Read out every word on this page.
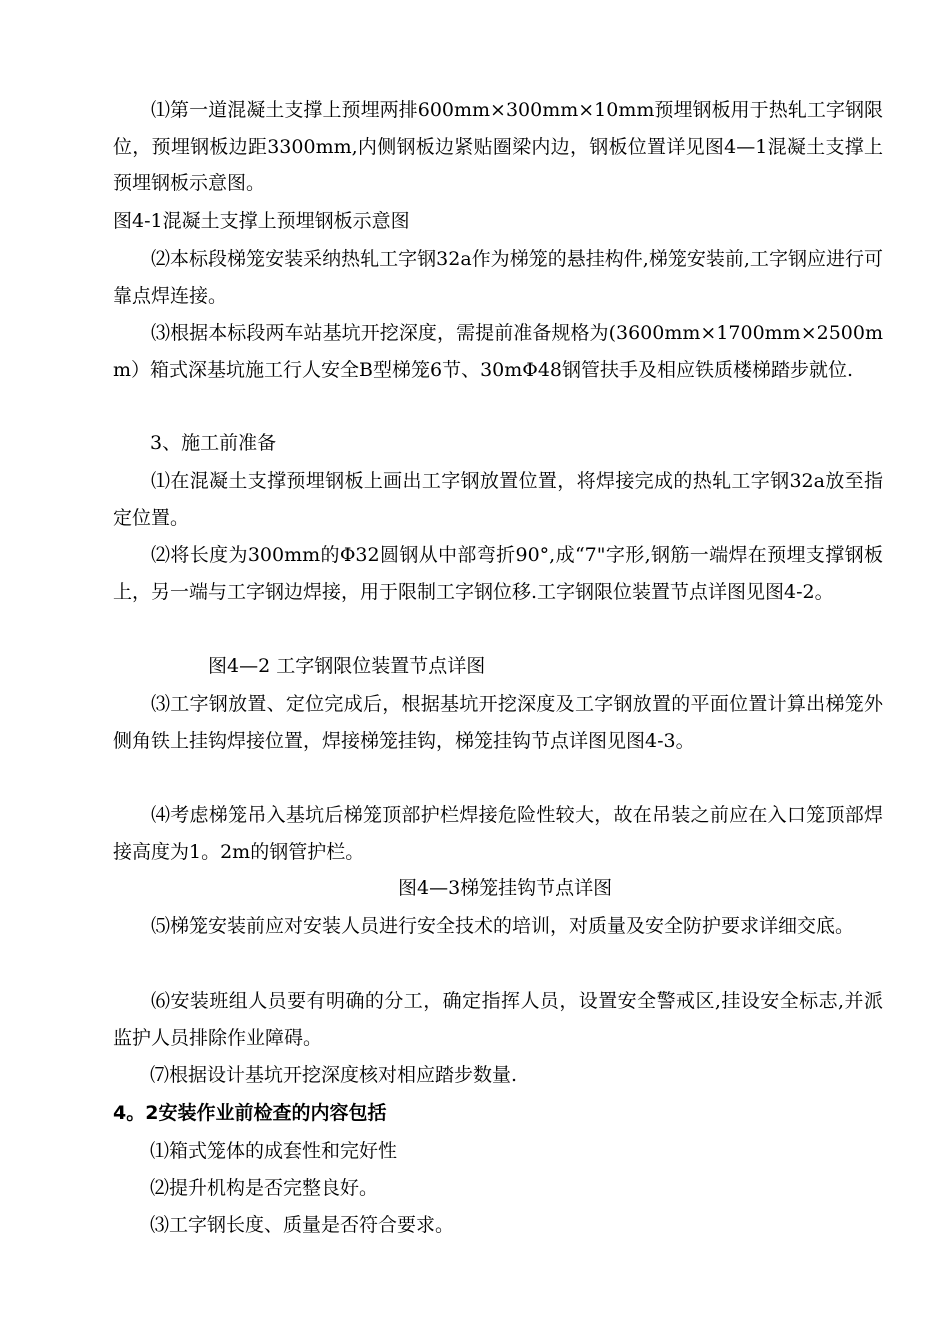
⑴第一道混凝土支撑上预埋两排600mm×300mm×10mm预埋钢板用于热轧工字钢限位，预埋钢板边距3300mm,内侧钢板边紧贴圈梁内边，钢板位置详见图4—1混凝土支撑上预埋钢板示意图。

图4-1混凝土支撑上预埋钢板示意图

⑵本标段梯笼安装采纳热轧工字钢32a作为梯笼的悬挂构件,梯笼安装前,工字钢应进行可靠点焊连接。

⑶根据本标段两车站基坑开挖深度，需提前准备规格为(3600mm×1700mm×2500mm）箱式深基坑施工行人安全B型梯笼6节、30mΦ48钢管扶手及相应铁质楼梯踏步就位.

3、施工前准备

⑴在混凝土支撑预埋钢板上画出工字钢放置位置，将焊接完成的热轧工字钢32a放至指定位置。

⑵将长度为300mm的Φ32圆钢从中部弯折90°,成“7"字形,钢筋一端焊在预埋支撑钢板上，另一端与工字钢边焊接，用于限制工字钢位移.工字钢限位装置节点详图见图4-2。

图4—2 工字钢限位装置节点详图

⑶工字钢放置、定位完成后，根据基坑开挖深度及工字钢放置的平面位置计算出梯笼外侧角铁上挂钩焊接位置，焊接梯笼挂钩，梯笼挂钩节点详图见图4-3。

⑷考虑梯笼吊入基坑后梯笼顶部护栏焊接危险性较大，故在吊装之前应在入口笼顶部焊接高度为1。2m的钢管护栏。

图4—3梯笼挂钩节点详图

⑸梯笼安装前应对安装人员进行安全技术的培训，对质量及安全防护要求详细交底。

⑹安装班组人员要有明确的分工，确定指挥人员，设置安全警戒区,挂设安全标志,并派监护人员排除作业障碍。

⑺根据设计基坑开挖深度核对相应踏步数量.

4。2安装作业前检查的内容包括

⑴箱式笼体的成套性和完好性

⑵提升机构是否完整良好。

⑶工字钢长度、质量是否符合要求。
